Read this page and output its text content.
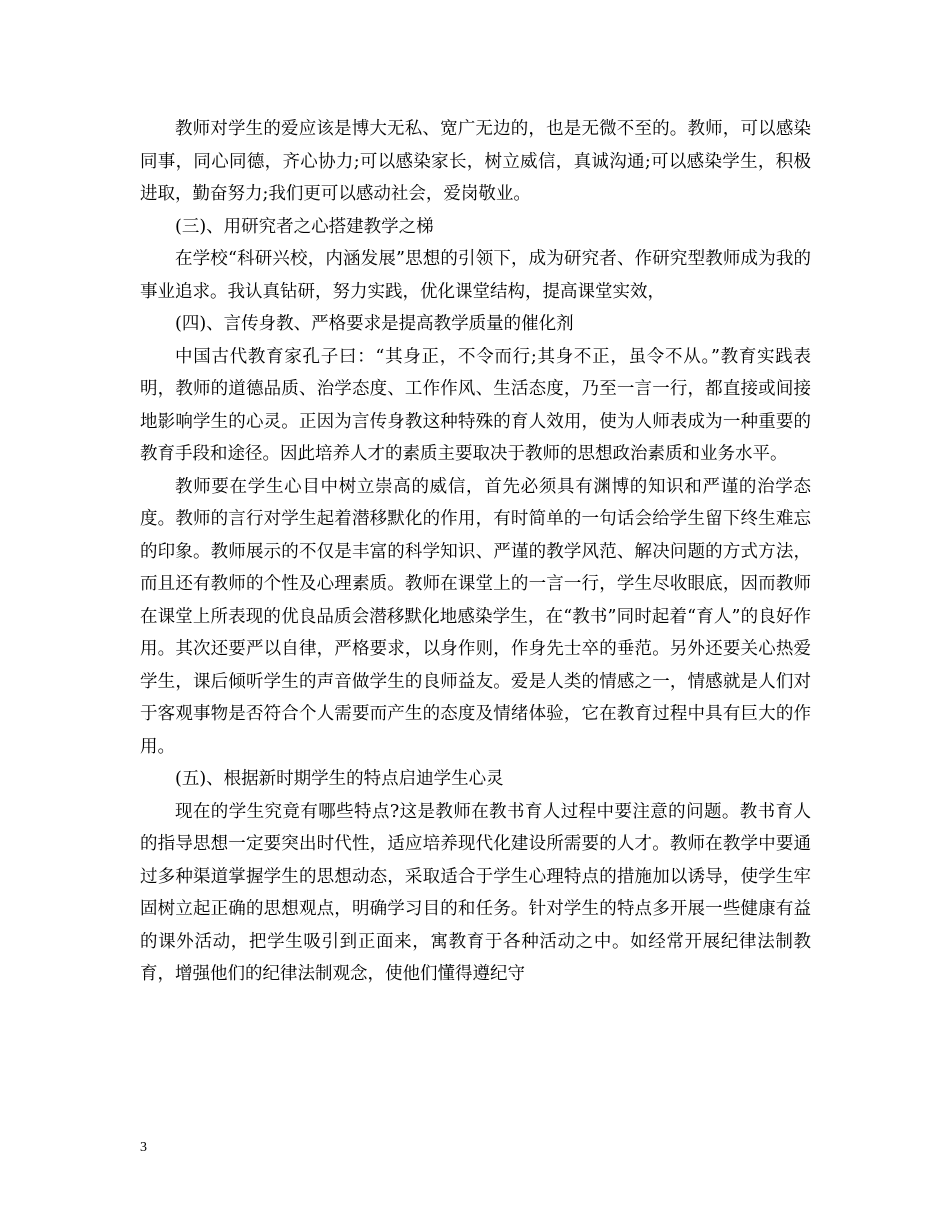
教师对学生的爱应该是博大无私、宽广无边的，也是无微不至的。教师，可以感染同事，同心同德，齐心协力;可以感染家长，树立威信，真诚沟通;可以感染学生，积极进取，勤奋努力;我们更可以感动社会，爱岗敬业。

(三)、用研究者之心搭建教学之梯

在学校“科研兴校，内涵发展”思想的引领下，成为研究者、作研究型教师成为我的事业追求。我认真钻研，努力实践，优化课堂结构，提高课堂实效，

(四)、言传身教、严格要求是提高教学质量的催化剂

中国古代教育家孔子曰：“其身正，不令而行;其身不正，虽令不从。”教育实践表明，教师的道德品质、治学态度、工作作风、生活态度，乃至一言一行，都直接或间接地影响学生的心灵。正因为言传身教这种特殊的育人效用，使为人师表成为一种重要的教育手段和途径。因此培养人才的素质主要取决于教师的思想政治素质和业务水平。

教师要在学生心目中树立崇高的威信，首先必须具有渊博的知识和严谨的治学态度。教师的言行对学生起着潜移默化的作用，有时简单的一句话会给学生留下终生难忘的印象。教师展示的不仅是丰富的科学知识、严谨的教学风范、解决问题的方式方法，而且还有教师的个性及心理素质。教师在课堂上的一言一行，学生尽收眼底，因而教师在课堂上所表现的优良品质会潜移默化地感染学生，在“教书”同时起着“育人”的良好作用。其次还要严以自律，严格要求，以身作则，作身先士卒的垂范。另外还要关心热爱学生，课后倾听学生的声音做学生的良师益友。爱是人类的情感之一，情感就是人们对于客观事物是否符合个人需要而产生的态度及情绪体验，它在教育过程中具有巨大的作用。

(五)、根据新时期学生的特点启迪学生心灵

现在的学生究竟有哪些特点?这是教师在教书育人过程中要注意的问题。教书育人的指导思想一定要突出时代性，适应培养现代化建设所需要的人才。教师在教学中要通过多种渠道掌握学生的思想动态，采取适合于学生心理特点的措施加以诱导，使学生牢固树立起正确的思想观点，明确学习目的和任务。针对学生的特点多开展一些健康有益的课外活动，把学生吸引到正面来，寓教育于各种活动之中。如经常开展纪律法制教育，增强他们的纪律法制观念，使他们懂得遵纪守

3
